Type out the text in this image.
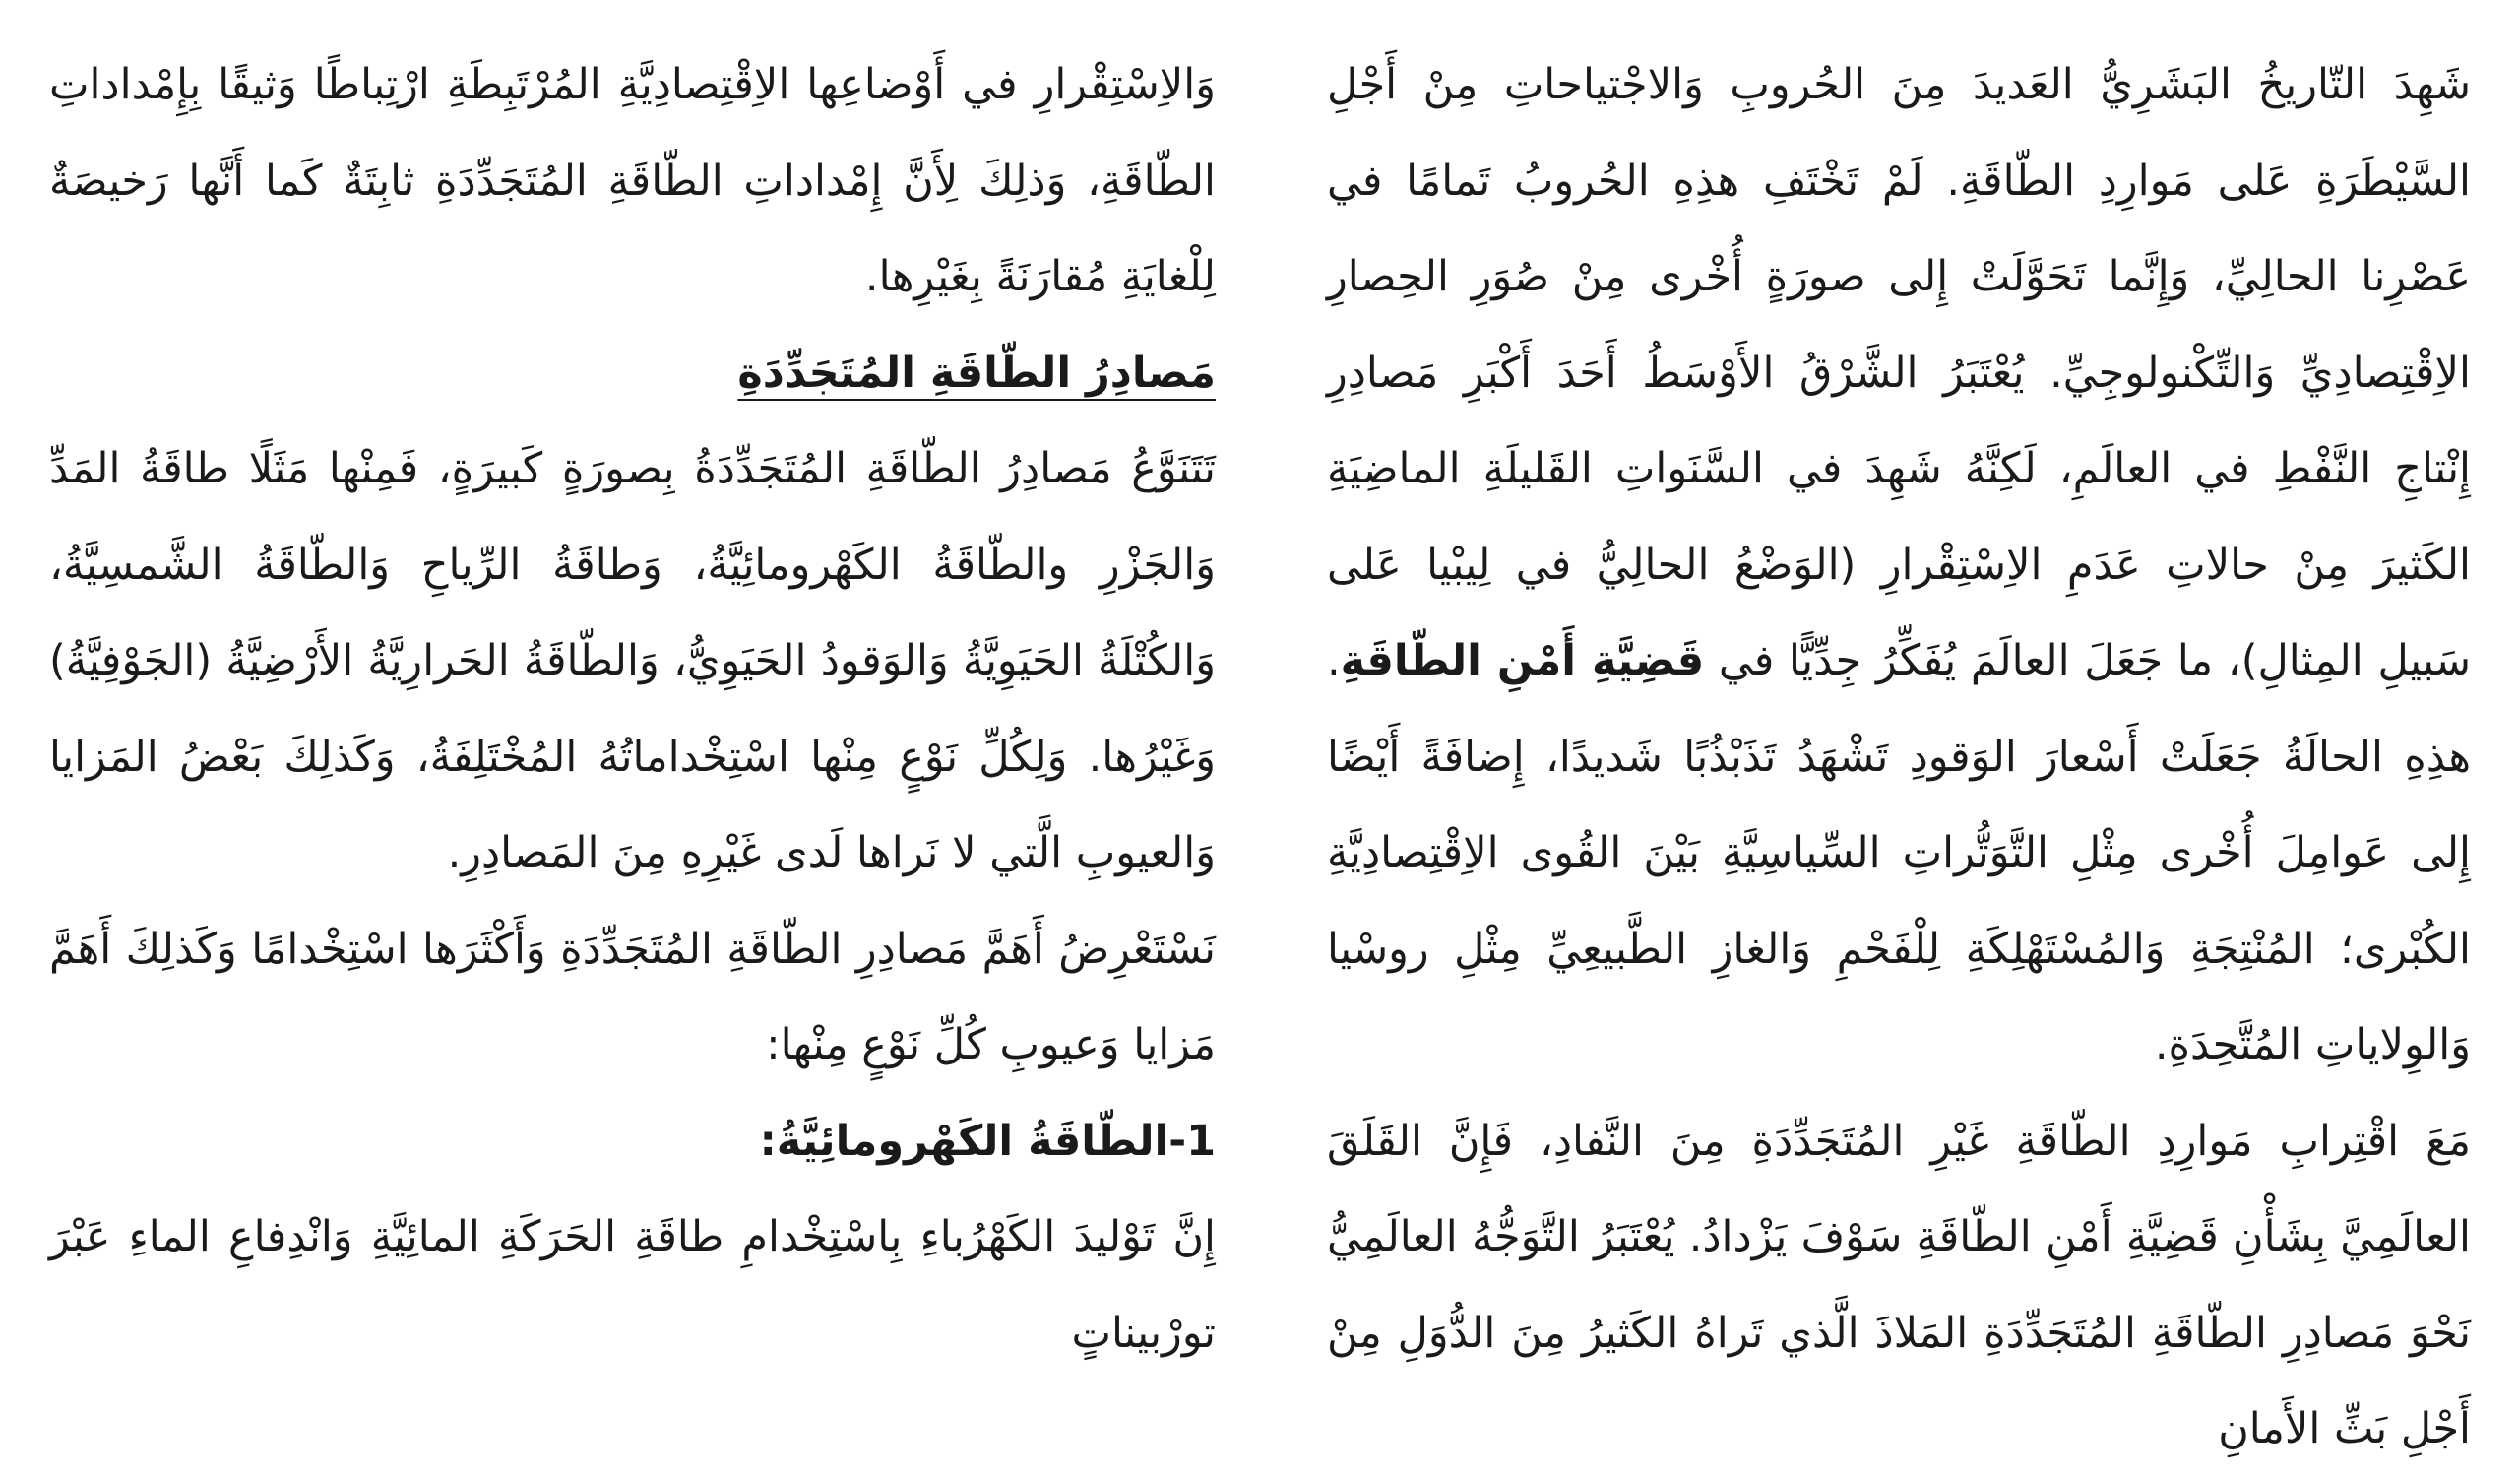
شَهِدَ التّاريخُ البَشَرِيُّ العَديدَ مِنَ الحُروبِ وَالاجْتياحاتِ مِنْ أَجْلِ السَّيْطَرَةِ عَلى مَوارِدِ الطّاقَةِ. لَمْ تَخْتَفِ هذِهِ الحُروبُ تَمامًا في عَصْرِنا الحالِيِّ، وَإِنَّما تَحَوَّلَتْ إِلى صورَةٍ أُخْرى مِنْ صُوَرِ الحِصارِ الاِقْتِصادِيِّ وَالتِّكْنولوجِيِّ. يُعْتَبَرُ الشَّرْقُ الأَوْسَطُ أَحَدَ أَكْبَرِ مَصادِرِ إِنْتاجِ النَّفْطِ في العالَمِ، لَكِنَّهُ شَهِدَ في السَّنَواتِ القَليلَةِ الماضِيَةِ الكَثيرَ مِنْ حالاتِ عَدَمِ الاِسْتِقْرارِ (الوَضْعُ الحالِيُّ في لِيبْيا عَلى سَبيلِ المِثالِ)، ما جَعَلَ العالَمَ يُفَكِّرُ جِدِّيًّا في قَضِيَّةِ أَمْنِ الطّاقَةِ. هذِهِ الحالَةُ جَعَلَتْ أَسْعارَ الوَقودِ تَشْهَدُ تَذَبْذُبًا شَديدًا، إِضافَةً أَيْضًا إِلى عَوامِلَ أُخْرى مِثْلِ التَّوَتُّراتِ السِّياسِيَّةِ بَيْنَ القُوى الاِقْتِصادِيَّةِ الكُبْرى؛ المُنْتِجَةِ وَالمُسْتَهْلِكَةِ لِلْفَحْمِ وَالغازِ الطَّبيعِيِّ مِثْلِ روسْيا وَالوِلاياتِ المُتَّحِدَةِ.

مَعَ اقْتِرابِ مَوارِدِ الطّاقَةِ غَيْرِ المُتَجَدِّدَةِ مِنَ النَّفادِ، فَإِنَّ القَلَقَ العالَمِيَّ بِشَأْنِ قَضِيَّةِ أَمْنِ الطّاقَةِ سَوْفَ يَزْدادُ. يُعْتَبَرُ التَّوَجُّهُ العالَمِيُّ نَحْوَ مَصادِرِ الطّاقَةِ المُتَجَدِّدَةِ المَلاذَ الَّذي تَراهُ الكَثيرُ مِنَ الدُّوَلِ مِنْ أَجْلِ بَثِّ الأَمانِ

وَالاِسْتِقْرارِ في أَوْضاعِها الاِقْتِصادِيَّةِ المُرْتَبِطَةِ ارْتِباطًا وَثيقًا بِإِمْداداتِ الطّاقَةِ، وَذلِكَ لِأَنَّ إِمْداداتِ الطّاقَةِ المُتَجَدِّدَةِ ثابِتَةٌ كَما أَنَّها رَخيصَةٌ لِلْغايَةِ مُقارَنَةً بِغَيْرِها.

مَصادِرُ الطّاقَةِ المُتَجَدِّدَةِ

تَتَنَوَّعُ مَصادِرُ الطّاقَةِ المُتَجَدِّدَةُ بِصورَةٍ كَبيرَةٍ، فَمِنْها مَثَلًا طاقَةُ المَدِّ وَالجَزْرِ والطّاقَةُ الكَهْرومائِيَّةُ، وَطاقَةُ الرِّياحِ وَالطّاقَةُ الشَّمسِيَّةُ، وَالكُتْلَةُ الحَيَوِيَّةُ وَالوَقودُ الحَيَوِيُّ، وَالطّاقَةُ الحَرارِيَّةُ الأَرْضِيَّةُ (الجَوْفِيَّةُ) وَغَيْرُها. وَلِكُلِّ نَوْعٍ مِنْها اسْتِخْداماتُهُ المُخْتَلِفَةُ، وَكَذلِكَ بَعْضُ المَزايا وَالعيوبِ الَّتي لا نَراها لَدى غَيْرِهِ مِنَ المَصادِرِ.

نَسْتَعْرِضُ أَهَمَّ مَصادِرِ الطّاقَةِ المُتَجَدِّدَةِ وَأَكْثَرَها اسْتِخْدامًا وَكَذلِكَ أَهَمَّ مَزايا وَعيوبِ كُلِّ نَوْعٍ مِنْها:

1-الطّاقَةُ الكَهْرومائِيَّةُ:

إِنَّ تَوْليدَ الكَهْرُباءِ بِاسْتِخْدامِ طاقَةِ الحَرَكَةِ المائِيَّةِ وَانْدِفاعِ الماءِ عَبْرَ تورْبيناتٍ
